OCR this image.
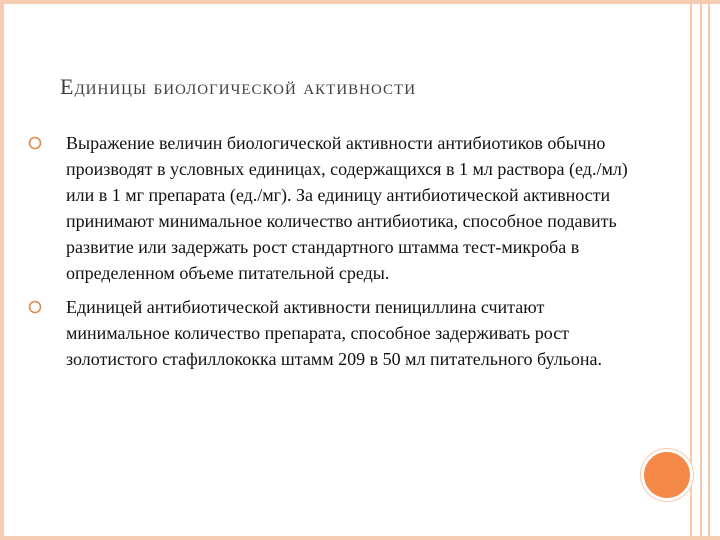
Единицы биологической активности
Выражение величин биологической активности антибиотиков обычно производят в условных единицах, содержащихся в 1 мл раствора (ед./мл) или в 1 мг препарата (ед./мг). За единицу антибиотической активности принимают минимальное количество антибиотика, способное подавить развитие или задержать рост стандартного штамма тест-микроба в определенном объеме питательной среды.
Единицей антибиотической активности пенициллина считают минимальное количество препарата, способное задерживать рост золотистого стафиллококка штамм 209 в 50 мл питательного бульона.
